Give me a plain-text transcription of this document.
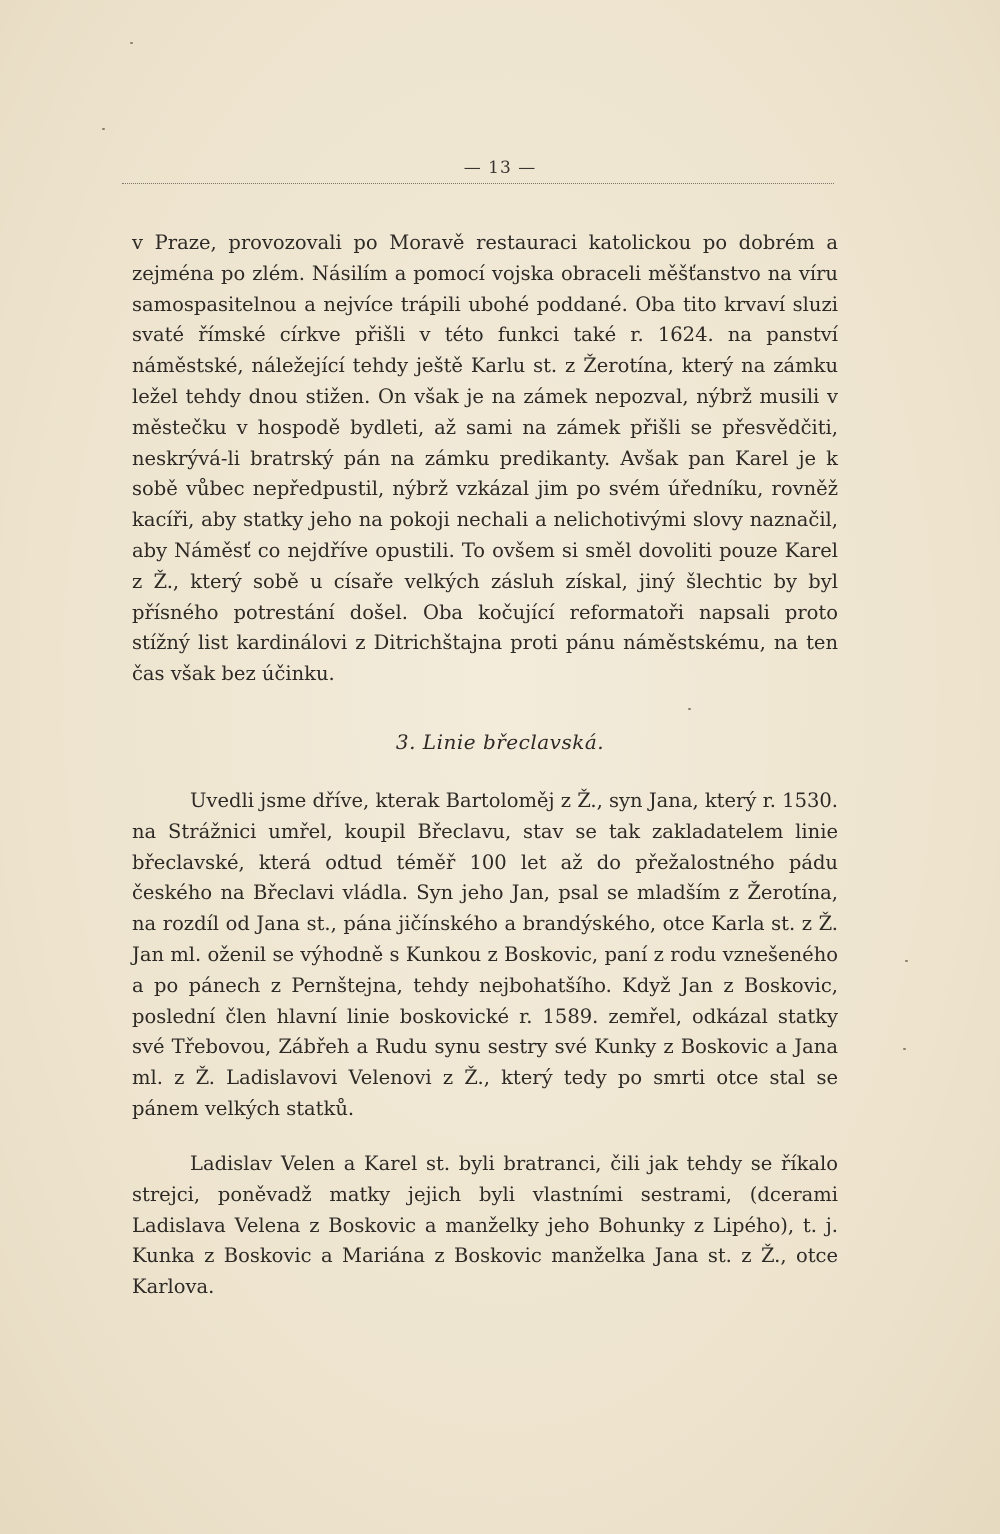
— 13 —
v Praze, provozovali po Moravě restauraci katolickou po dobrém a zejména po zlém. Násilím a pomocí vojska obraceli měšťanstvo na víru samospasitelnou a nejvíce trápili ubohé poddané. Oba tito krvaví sluzi svaté římské církve přišli v této funkci také r. 1624. na panství náměstské, náležející tehdy ještě Karlu st. z Žerotína, který na zámku ležel tehdy dnou stižen. On však je na zámek nepozval, nýbrž musili v městečku v hospodě bydleti, až sami na zámek přišli se přesvědčiti, neskrývá-li bratrský pán na zámku predikanty. Avšak pan Karel je k sobě vůbec nepředpustil, nýbrž vzkázal jim po svém úředníku, rovněž kacíři, aby statky jeho na pokoji nechali a nelichotivými slovy naznačil, aby Náměsť co nejdříve opustili. To ovšem si směl dovoliti pouze Karel z Ž., který sobě u císaře velkých zásluh získal, jiný šlechtic by byl přísného potrestání došel. Oba kočující reformatoři napsali proto stížný list kardinálovi z Ditrichštajna proti pánu náměstskému, na ten čas však bez účinku.
3. Linie břeclavská.
Uvedli jsme dříve, kterak Bartoloměj z Ž., syn Jana, který r. 1530. na Strážnici umřel, koupil Břeclavu, stav se tak zakladatelem linie břeclavské, která odtud téměř 100 let až do přežalostného pádu českého na Břeclavi vládla. Syn jeho Jan, psal se mladším z Žerotína, na rozdíl od Jana st., pána jičínského a brandýského, otce Karla st. z Ž. Jan ml. oženil se výhodně s Kunkou z Boskovic, paní z rodu vznešeného a po pánech z Pernštejna, tehdy nejbohatšího. Když Jan z Boskovic, poslední člen hlavní linie boskovické r. 1589. zemřel, odkázal statky své Třebovou, Zábřeh a Rudu synu sestry své Kunky z Boskovic a Jana ml. z Ž. Ladislavovi Velenovi z Ž., který tedy po smrti otce stal se pánem velkých statků.
Ladislav Velen a Karel st. byli bratranci, čili jak tehdy se říkalo strejci, poněvadž matky jejich byli vlastními sestrami, (dcerami Ladislava Velena z Boskovic a manželky jeho Bohunky z Lipého), t. j. Kunka z Boskovic a Mariána z Boskovic manželka Jana st. z Ž., otce Karlova.
